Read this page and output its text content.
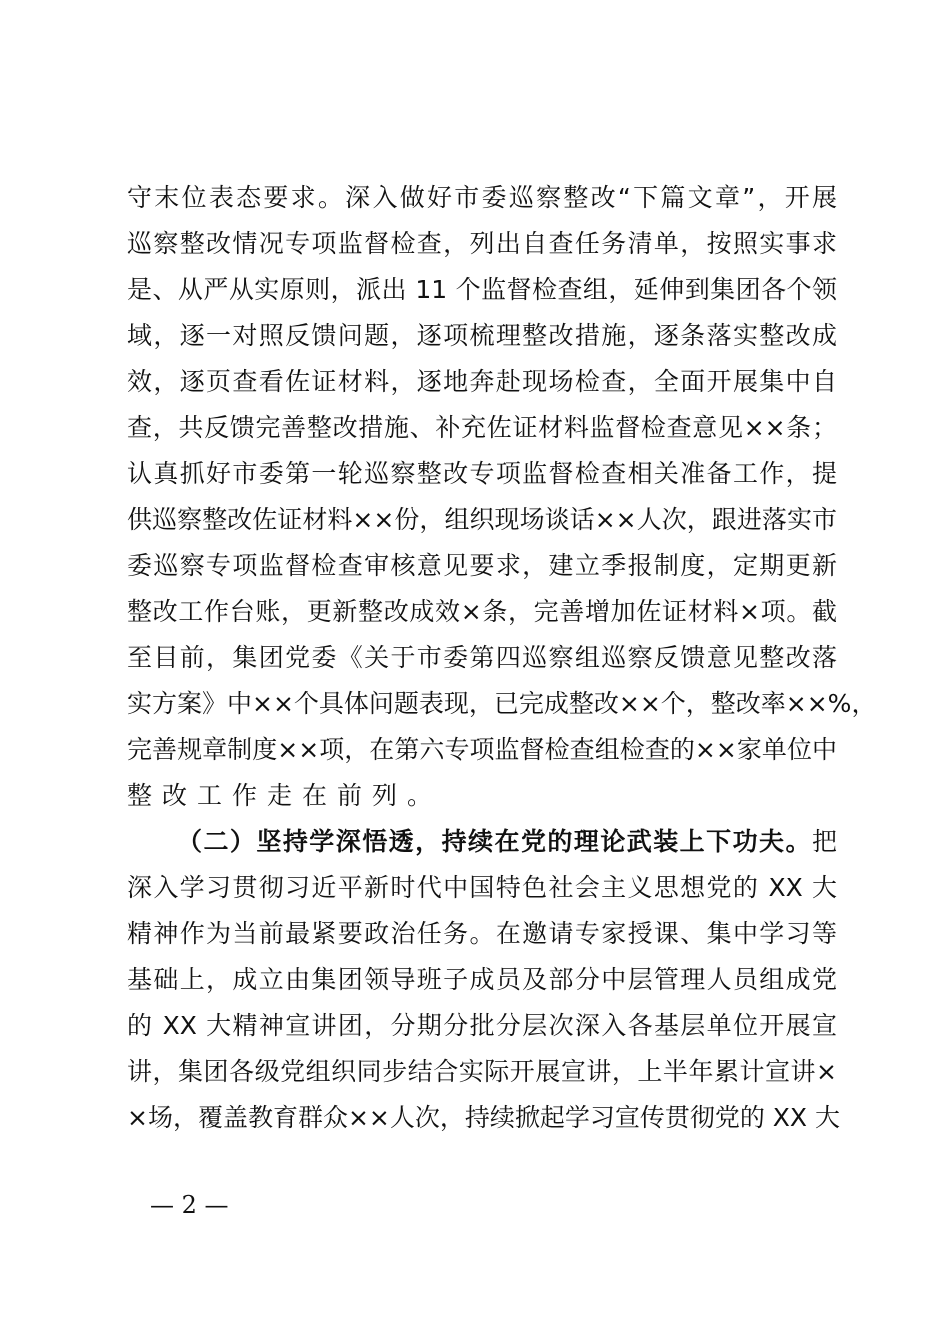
守末位表态要求。深入做好市委巡察整改“下篇文章”，开展
巡察整改情况专项监督检查，列出自查任务清单，按照实事求
是、从严从实原则，派出 11 个监督检查组，延伸到集团各个领
域，逐一对照反馈问题，逐项梳理整改措施，逐条落实整改成
效，逐页查看佐证材料，逐地奔赴现场检查，全面开展集中自
查，共反馈完善整改措施、补充佐证材料监督检查意见××条；
认真抓好市委第一轮巡察整改专项监督检查相关准备工作，提
供巡察整改佐证材料××份，组织现场谈话××人次，跟进落实市
委巡察专项监督检查审核意见要求，建立季报制度，定期更新
整改工作台账，更新整改成效×条，完善增加佐证材料×项。截
至目前，集团党委《关于市委第四巡察组巡察反馈意见整改落
实方案》中××个具体问题表现，已完成整改××个，整改率××%，
完善规章制度××项，在第六专项监督检查组检查的××家单位中
整改工作走在前列。
（二）坚持学深悟透，持续在党的理论武装上下功夫。把
深入学习贯彻习近平新时代中国特色社会主义思想党的 XX 大
精神作为当前最紧要政治任务。在邀请专家授课、集中学习等
基础上，成立由集团领导班子成员及部分中层管理人员组成党
的 XX 大精神宣讲团，分期分批分层次深入各基层单位开展宣
讲，集团各级党组织同步结合实际开展宣讲，上半年累计宣讲×
×场，覆盖教育群众××人次，持续掀起学习宣传贯彻党的 XX 大
— 2 —
